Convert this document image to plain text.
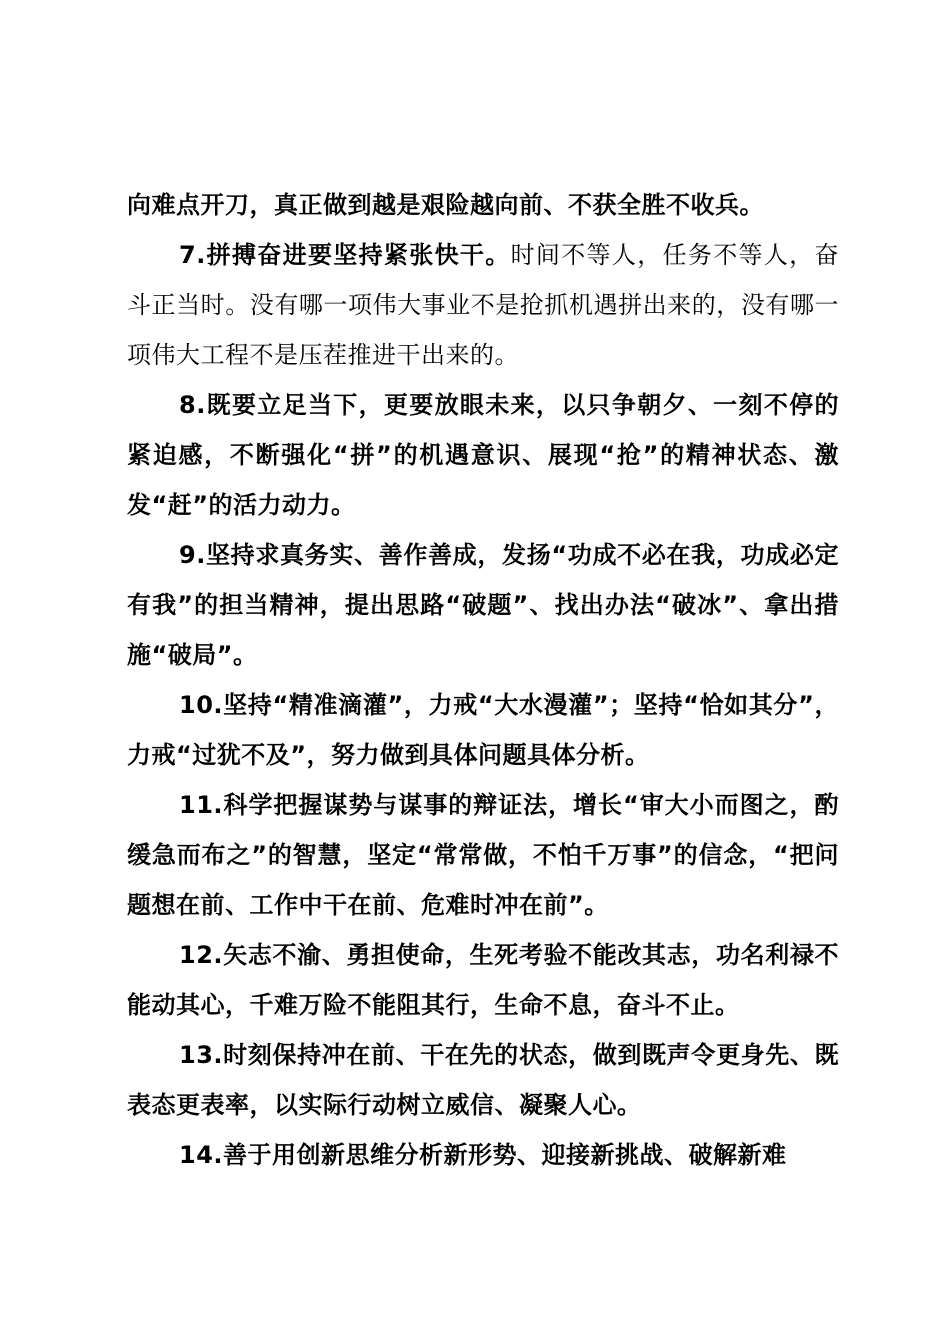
向难点开刀，真正做到越是艰险越向前、不获全胜不收兵。

7.拼搏奋进要坚持紧张快干。时间不等人，任务不等人，奋斗正当时。没有哪一项伟大事业不是抢抓机遇拼出来的，没有哪一项伟大工程不是压茬推进干出来的。

8.既要立足当下，更要放眼未来，以只争朝夕、一刻不停的紧迫感，不断强化“拼”的机遇意识、展现“抢”的精神状态、激发“赶”的活力动力。

9.坚持求真务实、善作善成，发扬“功成不必在我，功成必定有我”的担当精神，提出思路“破题”、找出办法“破冰”、拿出措施“破局”。

10.坚持“精准滴灌”，力戒“大水漫灌”；坚持“恰如其分”，力戒“过犹不及”，努力做到具体问题具体分析。

11.科学把握谋势与谋事的辩证法，增长“审大小而图之，酌缓急而布之”的智慧，坚定“常常做，不怕千万事”的信念，“把问题想在前、工作中干在前、危难时冲在前”。

12.矢志不渝、勇担使命，生死考验不能改其志，功名利禄不能动其心，千难万险不能阻其行，生命不息，奋斗不止。

13.时刻保持冲在前、干在先的状态，做到既声令更身先、既表态更表率，以实际行动树立威信、凝聚人心。

14.善于用创新思维分析新形势、迎接新挑战、破解新难
